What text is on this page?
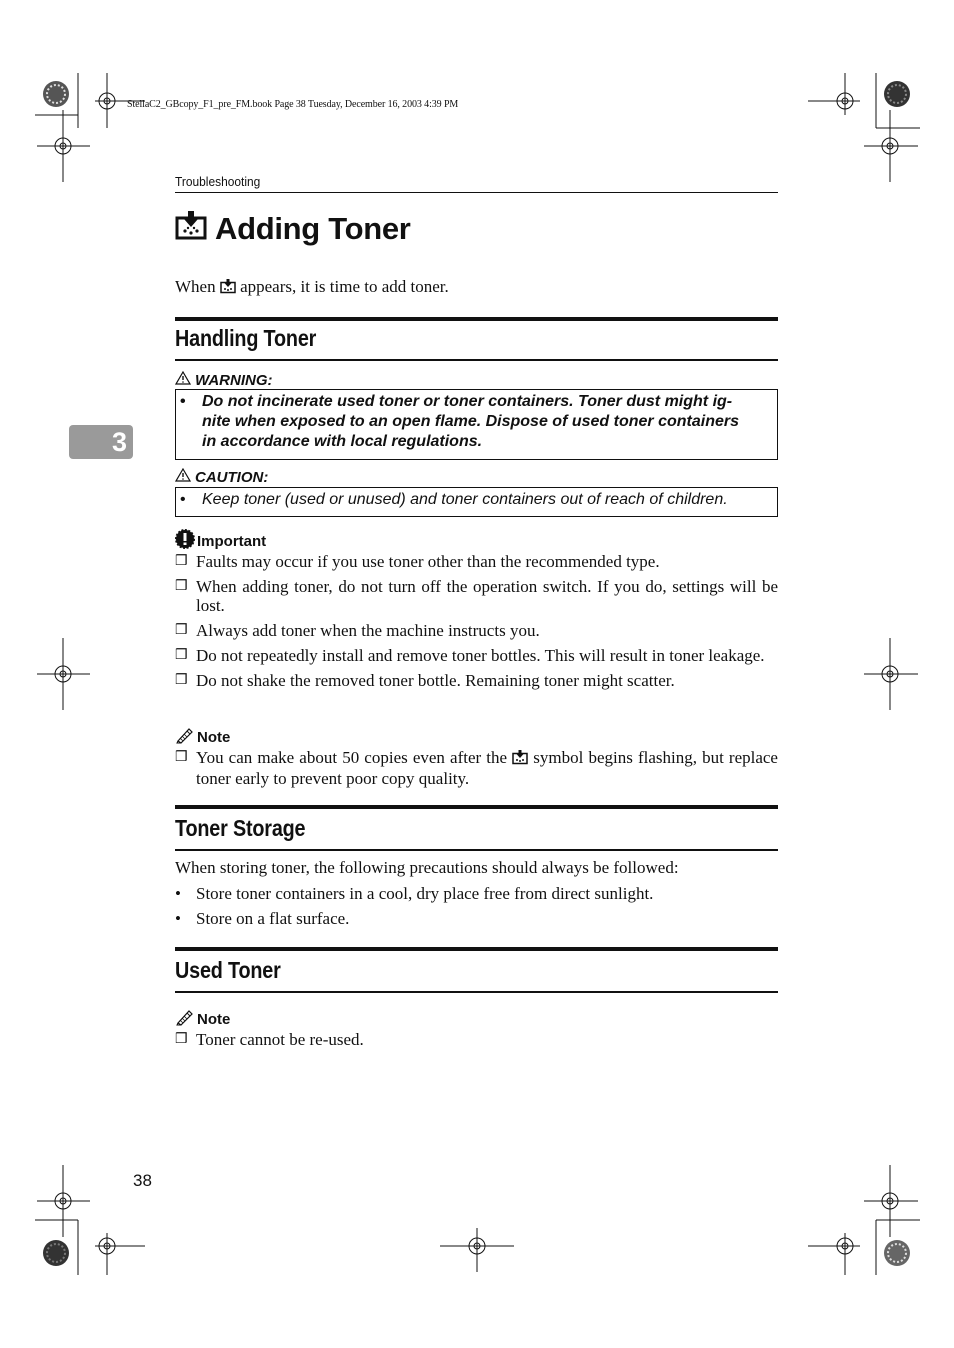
StellaC2_GBcopy_F1_pre_FM.book Page 38 Tuesday, December 16, 2003 4:39 PM
Troubleshooting
3
Adding Toner
When  appears, it is time to add toner.
Handling Toner
WARNING:
•	Do not incinerate used toner or toner containers. Toner dust might ig-
nite when exposed to an open flame. Dispose of used toner containers
in accordance with local regulations.
CAUTION:
•	Keep toner (used or unused) and toner containers out of reach of children.
Important
❒ Faults may occur if you use toner other than the recommended type.
❒ When adding toner, do not turn off the operation switch. If you do, settings will be lost.
❒ Always add toner when the machine instructs you.
❒ Do not repeatedly install and remove toner bottles. This will result in toner leakage.
❒ Do not shake the removed toner bottle. Remaining toner might scatter.
Note
❒ You can make about 50 copies even after the  symbol begins flashing, but replace toner early to prevent poor copy quality.
Toner Storage
When storing toner, the following precautions should always be followed:
• Store toner containers in a cool, dry place free from direct sunlight.
• Store on a flat surface.
Used Toner
Note
❒ Toner cannot be re-used.
38
